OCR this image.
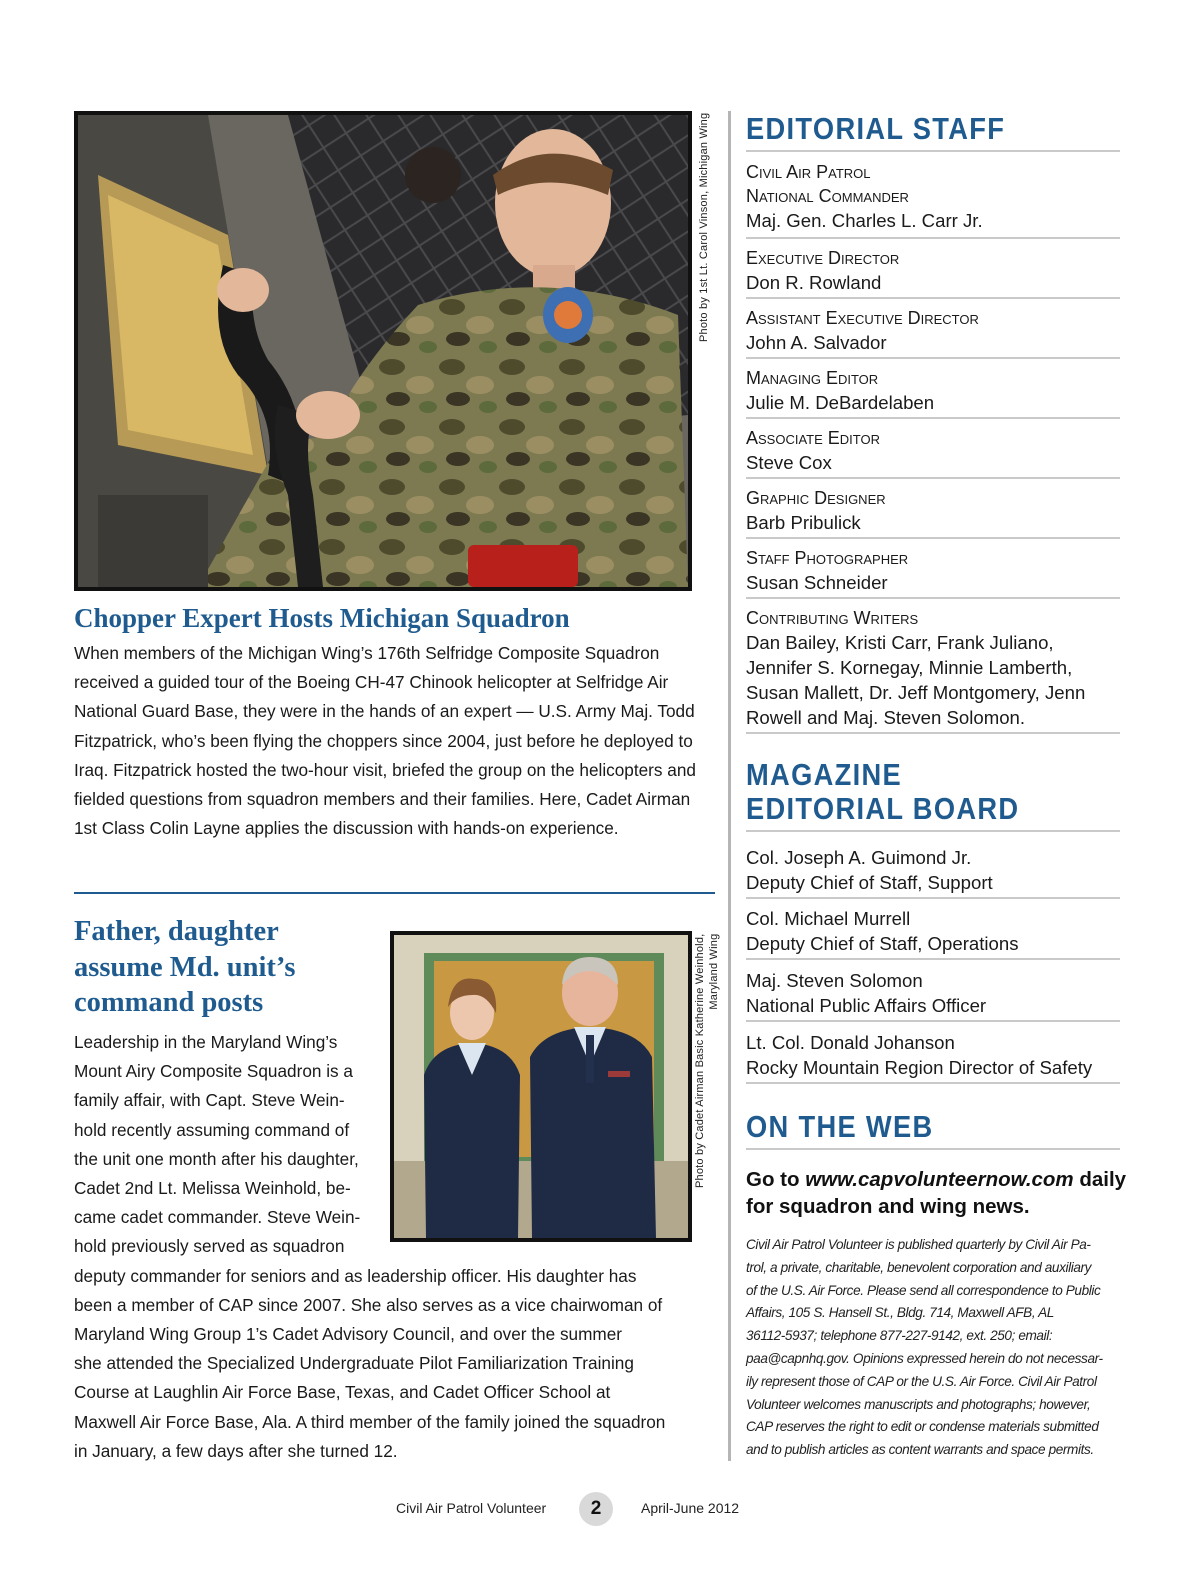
Photo by 1st Lt. Carol Vinson, Michigan Wing
Chopper Expert Hosts Michigan Squadron

When members of the Michigan Wing’s 176th Selfridge Composite Squadron received a guided tour of the Boeing CH-47 Chinook helicopter at Selfridge Air National Guard Base, they were in the hands of an expert — U.S. Army Maj. Todd Fitzpatrick, who’s been flying the choppers since 2004, just before he deployed to Iraq. Fitzpatrick hosted the two-hour visit, briefed the group on the helicopters and fielded questions from squadron members and their families. Here, Cadet Airman 1st Class Colin Layne applies the discussion with hands-on experience.

Father, daughter
assume Md. unit’s
command posts
Leadership in the Maryland Wing’s
Mount Airy Composite Squadron is a
family affair, with Capt. Steve Wein-
hold recently assuming command of
the unit one month after his daughter,
Cadet 2nd Lt. Melissa Weinhold, be-
came cadet commander. Steve Wein-
hold previously served as squadron
deputy commander for seniors and as leadership officer. His daughter has
been a member of CAP since 2007. She also serves as a vice chairwoman of
Maryland Wing Group 1’s Cadet Advisory Council, and over the summer
she attended the Specialized Undergraduate Pilot Familiarization Training
Course at Laughlin Air Force Base, Texas, and Cadet Officer School at
Maxwell Air Force Base, Ala. A third member of the family joined the squadron
in January, a few days after she turned 12.
Photo by Cadet Airman Basic Katherine Weinhold, Maryland Wing
EDITORIAL STAFF
Civil Air Patrol
National Commander
Maj. Gen. Charles L. Carr Jr.
Executive Director
Don R. Rowland
Assistant Executive Director
John A. Salvador
Managing Editor
Julie M. DeBardelaben
Associate Editor
Steve Cox
Graphic Designer
Barb Pribulick
Staff Photographer
Susan Schneider
Contributing Writers
Dan Bailey, Kristi Carr, Frank Juliano,
Jennifer S. Kornegay, Minnie Lamberth,
Susan Mallett, Dr. Jeff Montgomery, Jenn
Rowell and Maj. Steven Solomon.
MAGAZINE
EDITORIAL BOARD
Col. Joseph A. Guimond Jr.
Deputy Chief of Staff, Support
Col. Michael Murrell
Deputy Chief of Staff, Operations
Maj. Steven Solomon
National Public Affairs Officer
Lt. Col. Donald Johanson
Rocky Mountain Region Director of Safety
ON THE WEB
Go to www.capvolunteernow.com daily
for squadron and wing news.
Civil Air Patrol Volunteer is published quarterly by Civil Air Pa-
trol, a private, charitable, benevolent corporation and auxiliary
of the U.S. Air Force. Please send all correspondence to Public
Affairs, 105 S. Hansell St., Bldg. 714, Maxwell AFB, AL
36112-5937; telephone 877-227-9142, ext. 250; email:
paa@capnhq.gov. Opinions expressed herein do not necessar-
ily represent those of CAP or the U.S. Air Force. Civil Air Patrol
Volunteer welcomes manuscripts and photographs; however,
CAP reserves the right to edit or condense materials submitted
and to publish articles as content warrants and space permits.
Civil Air Patrol Volunteer	2	April-June 2012
